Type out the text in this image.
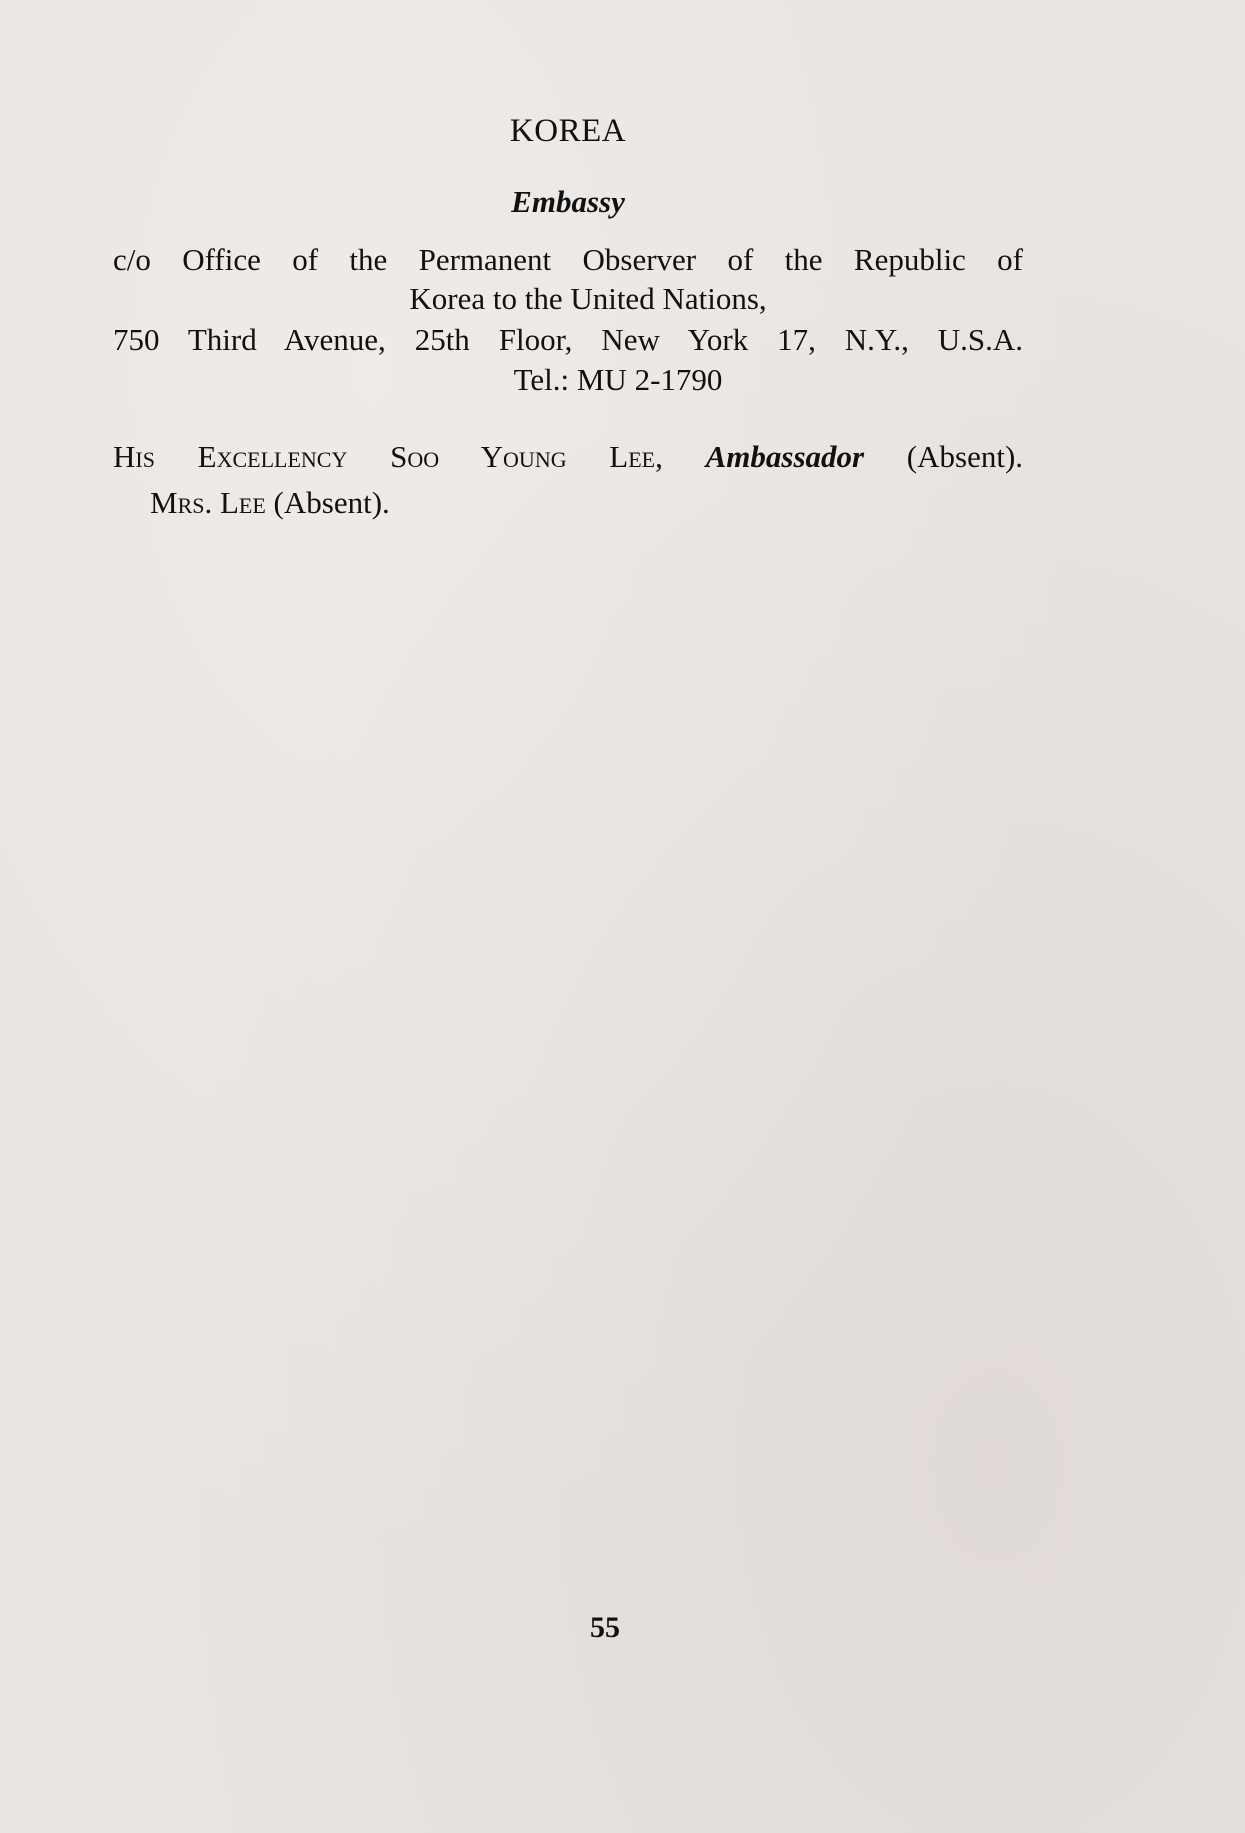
KOREA
Embassy
c/o Office of the Permanent Observer of the Republic of
Korea to the United Nations,
750 Third Avenue, 25th Floor, New York 17, N.Y., U.S.A.
Tel.: MU 2-1790
His Excellency Soo Young Lee, Ambassador (Absent).
Mrs. Lee (Absent).
55
